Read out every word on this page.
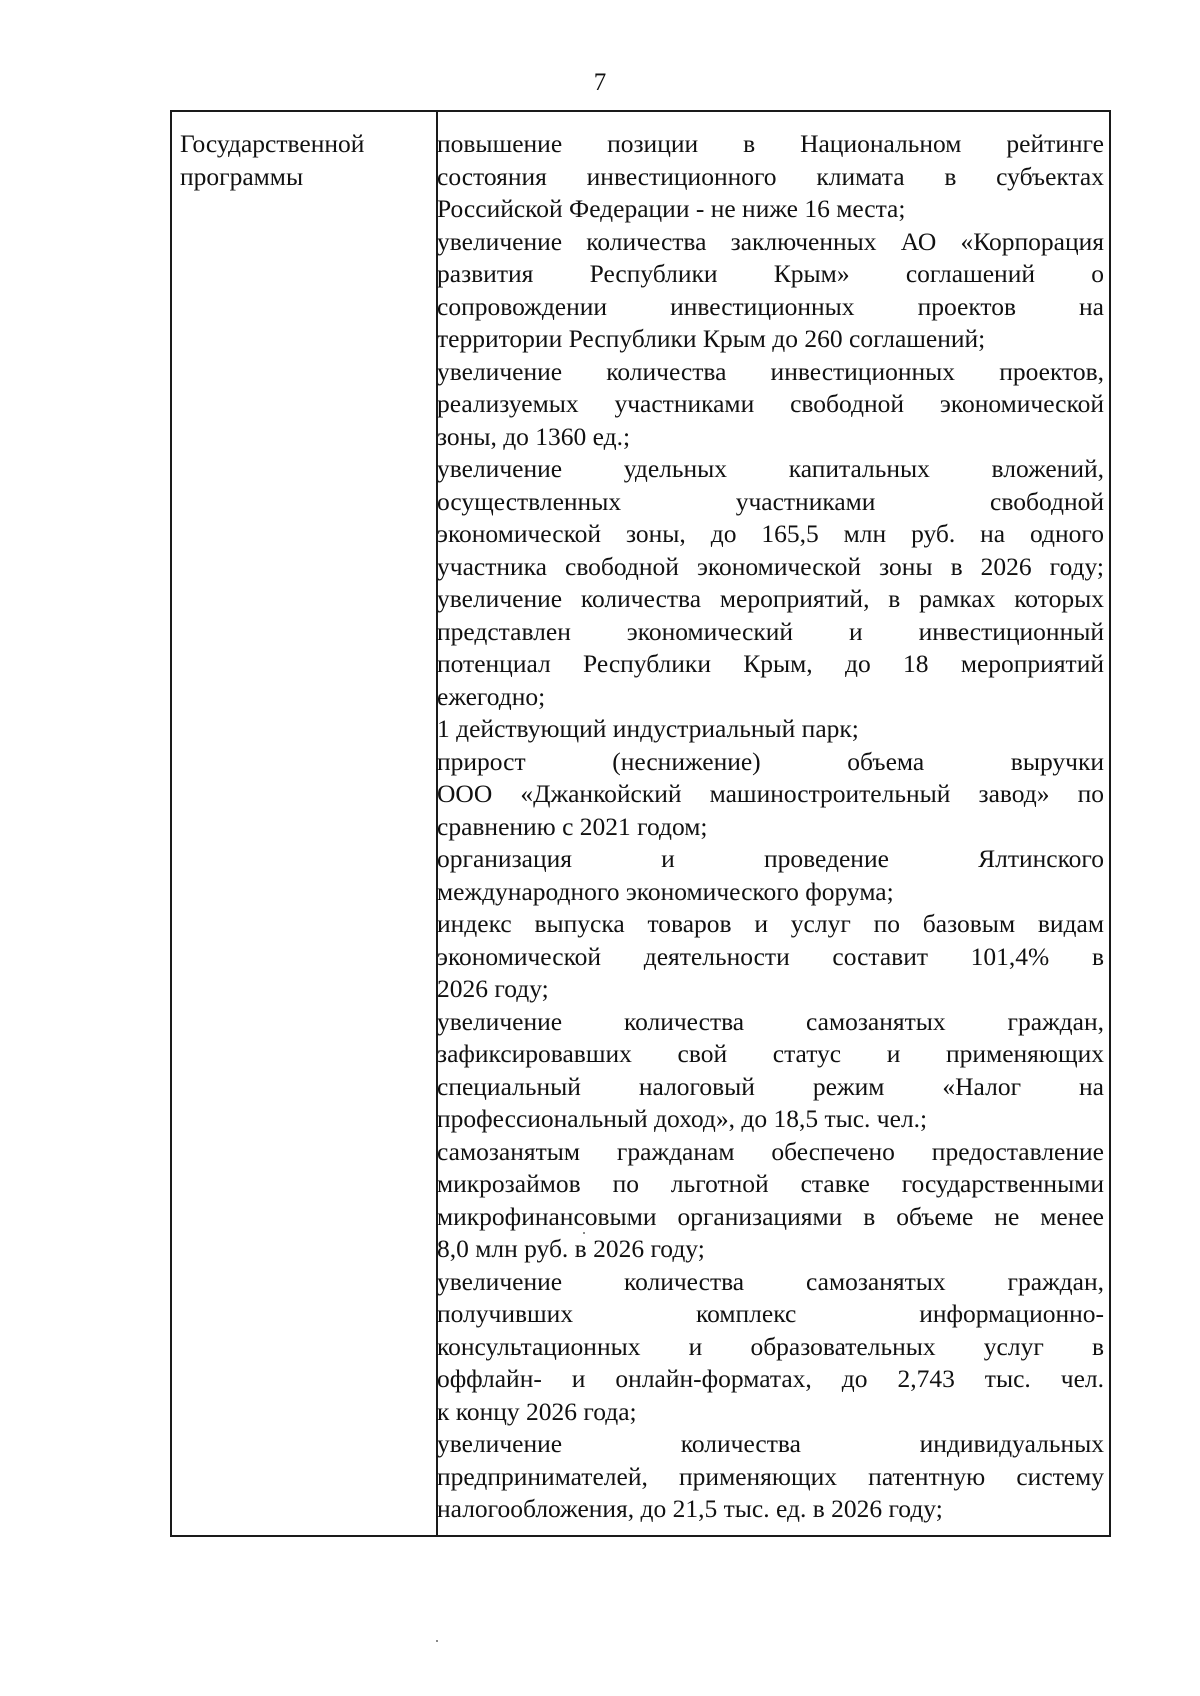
7
Государственной
программы
повышение позиции в Национальном рейтинге
состояния инвестиционного климата в субъектах
Российской Федерации - не ниже 16 места;
увеличение количества заключенных АО «Корпорация
развития Республики Крым» соглашений о
сопровождении инвестиционных проектов на
территории Республики Крым до 260 соглашений;
увеличение количества инвестиционных проектов,
реализуемых участниками свободной экономической
зоны, до 1360 ед.;
увеличение удельных капитальных вложений,
осуществленных участниками свободной
экономической зоны, до 165,5 млн руб. на одного
участника свободной экономической зоны в 2026 году;
увеличение количества мероприятий, в рамках которых
представлен экономический и инвестиционный
потенциал Республики Крым, до 18 мероприятий
ежегодно;
1 действующий индустриальный парк;
прирост (неснижение) объема выручки
ООО «Джанкойский машиностроительный завод» по
сравнению с 2021 годом;
организация и проведение Ялтинского
международного экономического форума;
индекс выпуска товаров и услуг по базовым видам
экономической деятельности составит 101,4% в
2026 году;
увеличение количества самозанятых граждан,
зафиксировавших свой статус и применяющих
специальный налоговый режим «Налог на
профессиональный доход», до 18,5 тыс. чел.;
самозанятым гражданам обеспечено предоставление
микрозаймов по льготной ставке государственными
микрофинансовыми организациями в объеме не менее
8,0 млн руб. в 2026 году;
увеличение количества самозанятых граждан,
получивших комплекс информационно-
консультационных и образовательных услуг в
оффлайн- и онлайн-форматах, до 2,743 тыс. чел.
к концу 2026 года;
увеличение количества индивидуальных
предпринимателей, применяющих патентную систему
налогообложения, до 21,5 тыс. ед. в 2026 году;
